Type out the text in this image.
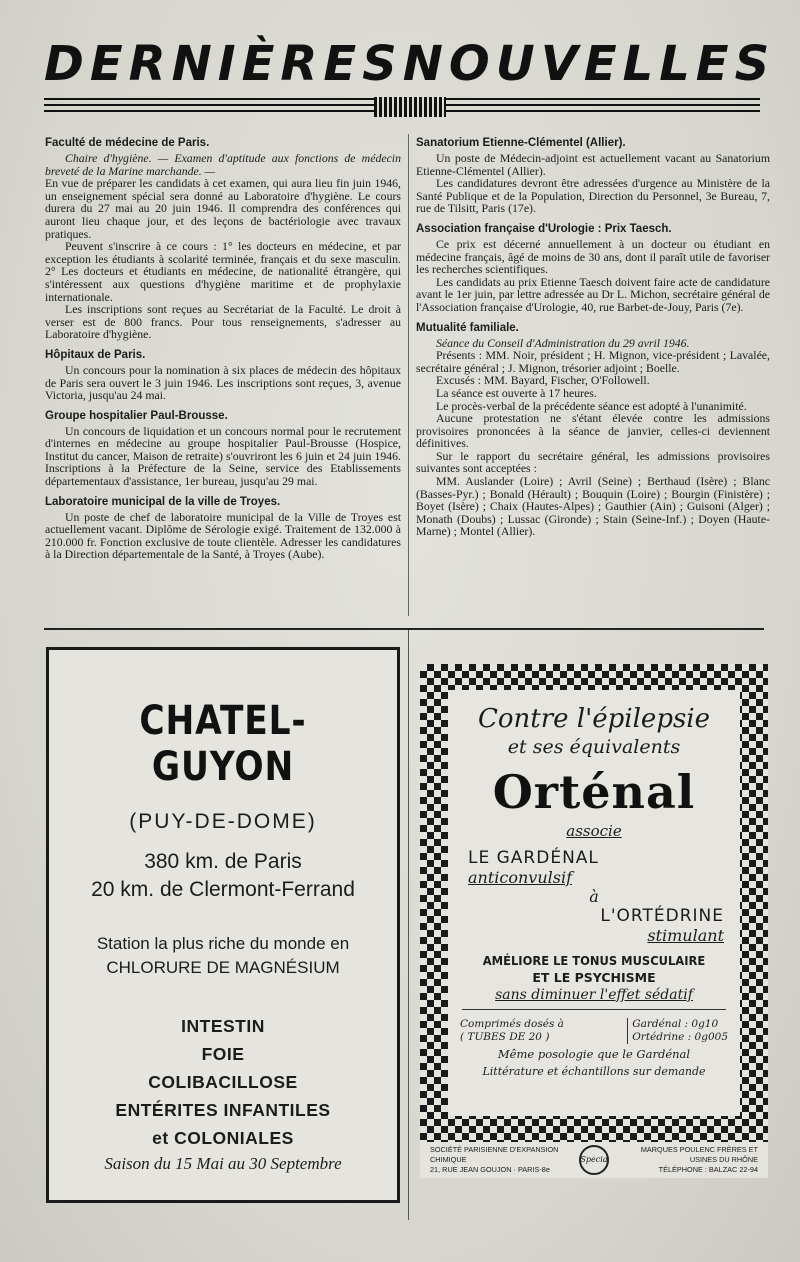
DERNIÈRES NOUVELLES
Faculté de médecine de Paris.
Chaire d'hygiène. — Examen d'aptitude aux fonctions de médecin breveté de la Marine marchande. —
En vue de préparer les candidats à cet examen, qui aura lieu fin juin 1946, un enseignement spécial sera donné au Laboratoire d'hygiène. Le cours durera du 27 mai au 20 juin 1946. Il comprendra des conférences qui auront lieu chaque jour, et des leçons de bactériologie avec travaux pratiques.
Peuvent s'inscrire à ce cours : 1° les docteurs en médecine, et par exception les étudiants à scolarité terminée, français et du sexe masculin. 2° Les docteurs et étudiants en médecine, de nationalité étrangère, qui s'intéressent aux questions d'hygiène maritime et de prophylaxie internationale.
Les inscriptions sont reçues au Secrétariat de la Faculté. Le droit à verser est de 800 francs. Pour tous renseignements, s'adresser au Laboratoire d'hygiène.
Hôpitaux de Paris.
Un concours pour la nomination à six places de médecin des hôpitaux de Paris sera ouvert le 3 juin 1946. Les inscriptions sont reçues, 3, avenue Victoria, jusqu'au 24 mai.
Groupe hospitalier Paul-Brousse.
Un concours de liquidation et un concours normal pour le recrutement d'internes en médecine au groupe hospitalier Paul-Brousse (Hospice, Institut du cancer, Maison de retraite) s'ouvriront les 6 juin et 24 juin 1946. Inscriptions à la Préfecture de la Seine, service des Etablissements départementaux d'assistance, 1er bureau, jusqu'au 29 mai.
Laboratoire municipal de la ville de Troyes.
Un poste de chef de laboratoire municipal de la Ville de Troyes est actuellement vacant. Diplôme de Sérologie exigé. Traitement de 132.000 à 210.000 fr. Fonction exclusive de toute clientèle. Adresser les candidatures à la Direction départementale de la Santé, à Troyes (Aube).
Sanatorium Etienne-Clémentel (Allier).
Un poste de Médecin-adjoint est actuellement vacant au Sanatorium Etienne-Clémentel (Allier).
Les candidatures devront être adressées d'urgence au Ministère de la Santé Publique et de la Population, Direction du Personnel, 3e Bureau, 7, rue de Tilsitt, Paris (17e).
Association française d'Urologie : Prix Taesch.
Ce prix est décerné annuellement à un docteur ou étudiant en médecine français, âgé de moins de 30 ans, dont il paraît utile de favoriser les recherches scientifiques.
Les candidats au prix Etienne Taesch doivent faire acte de candidature avant le 1er juin, par lettre adressée au Dr L. Michon, secrétaire général de l'Association française d'Urologie, 40, rue Barbet-de-Jouy, Paris (7e).
Mutualité familiale.
Séance du Conseil d'Administration du 29 avril 1946.
Présents : MM. Noir, président ; H. Mignon, vice-président ; Lavalée, secrétaire général ; J. Mignon, trésorier adjoint ; Boelle.
Excusés : MM. Bayard, Fischer, O'Followell.
La séance est ouverte à 17 heures.
Le procès-verbal de la précédente séance est adopté à l'unanimité.
Aucune protestation ne s'étant élevée contre les admissions provisoires prononcées à la séance de janvier, celles-ci deviennent définitives.
Sur le rapport du secrétaire général, les admissions provisoires suivantes sont acceptées :
MM. Auslander (Loire) ; Avril (Seine) ; Berthaud (Isère) ; Blanc (Basses-Pyr.) ; Bonald (Hérault) ; Bouquin (Loire) ; Bourgin (Finistère) ; Boyet (Isère) ; Chaix (Hautes-Alpes) ; Gauthier (Ain) ; Guisoni (Alger) ; Monath (Doubs) ; Lussac (Gironde) ; Stain (Seine-Inf.) ; Doyen (Haute-Marne) ; Montel (Allier).
CHATEL-GUYON
(PUY-DE-DOME)
380 km. de Paris
20 km. de Clermont-Ferrand
Station la plus riche du monde en
CHLORURE DE MAGNÉSIUM
INTESTIN
FOIE
COLIBACILLOSE
ENTÉRITES INFANTILES
et COLONIALES
Saison du 15 Mai au 30 Septembre
Contre l'épilepsie
et ses équivalents
Orténal
associe
LE GARDÉNAL
anticonvulsif
à
L'ORTÉDRINE
stimulant
AMÉLIORE LE TONUS MUSCULAIRE
ET LE PSYCHISME
sans diminuer l'effet sédatif
Comprimés dosés à
( TUBES DE 20 )
Gardénal : 0g10
Ortédrine : 0g005
Même posologie que le Gardénal
Littérature et échantillons sur demande
SOCIÉTÉ PARISIENNE D'EXPANSION CHIMIQUE
21, RUE JEAN GOUJON · PARIS-8e
Specia
MARQUES POULENC FRÈRES ET USINES DU RHÔNE
TÉLÉPHONE : BALZAC 22-94
